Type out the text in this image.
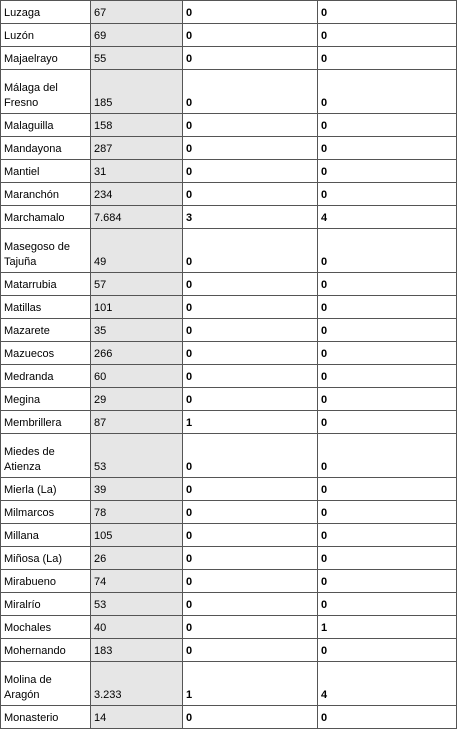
Luzaga	67	0	0
Luzón	69	0	0
Majaelrayo	55	0	0
Málaga del Fresno	185	0	0
Malaguilla	158	0	0
Mandayona	287	0	0
Mantiel	31	0	0
Maranchón	234	0	0
Marchamalo	7.684	3	4
Masegoso de Tajuña	49	0	0
Matarrubia	57	0	0
Matillas	101	0	0
Mazarete	35	0	0
Mazuecos	266	0	0
Medranda	60	0	0
Megina	29	0	0
Membrillera	87	1	0
Miedes de Atienza	53	0	0
Mierla (La)	39	0	0
Milmarcos	78	0	0
Millana	105	0	0
Miñosa (La)	26	0	0
Mirabueno	74	0	0
Miralrío	53	0	0
Mochales	40	0	1
Mohernando	183	0	0
Molina de Aragón	3.233	1	4
Monasterio	14	0	0
